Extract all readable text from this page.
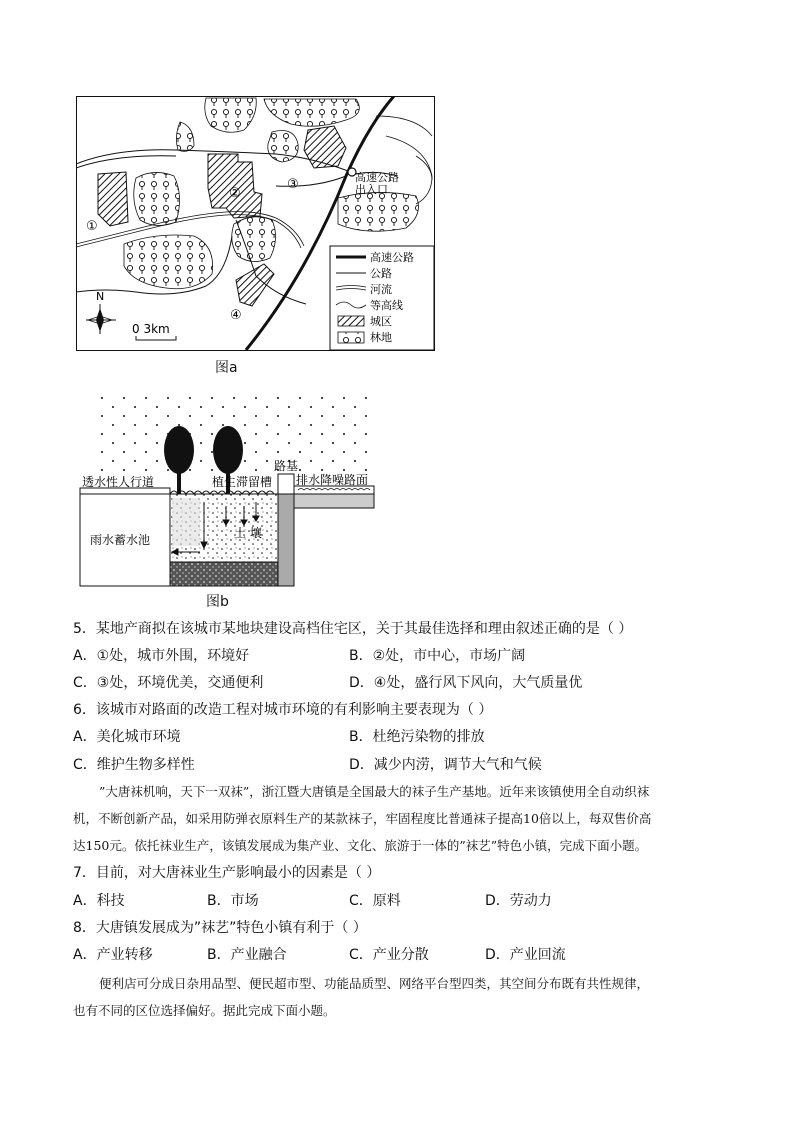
高速公路
出入口
①
②
③
④
N
0 3km
高速公路
公路
河流
等高线
城区
林地
图a
透水性人行道	植生滞留槽
路基
排水降噪路面
雨水蓄水池	土 壤
图b
5．某地产商拟在该城市某地块建设高档住宅区，关于其最佳选择和理由叙述正确的是（ ）
A．①处，城市外围，环境好	B．②处，市中心，市场广阔
C．③处，环境优美，交通便利	D．④处，盛行风下风向，大气质量优
6．该城市对路面的改造工程对城市环境的有利影响主要表现为（ ）
A．美化城市环境	B．杜绝污染物的排放
C．维护生物多样性	D．减少内涝，调节大气和气候
”大唐袜机响，天下一双袜”，浙江暨大唐镇是全国最大的袜子生产基地。近年来该镇使用全自动织袜
机，不断创新产品，如采用防弹衣原料生产的某款袜子，牢固程度比普通袜子提高10倍以上，每双售价高
达150元。依托袜业生产，该镇发展成为集产业、文化、旅游于一体的”袜艺”特色小镇，完成下面小题。
7．目前，对大唐袜业生产影响最小的因素是（ ）
A．科技	B．市场	C．原料	D．劳动力
8．大唐镇发展成为”袜艺”特色小镇有利于（ ）
A．产业转移	B．产业融合	C．产业分散	D．产业回流
便利店可分成日杂用品型、便民超市型、功能品质型、网络平台型四类，其空间分布既有共性规律，
也有不同的区位选择偏好。据此完成下面小题。
